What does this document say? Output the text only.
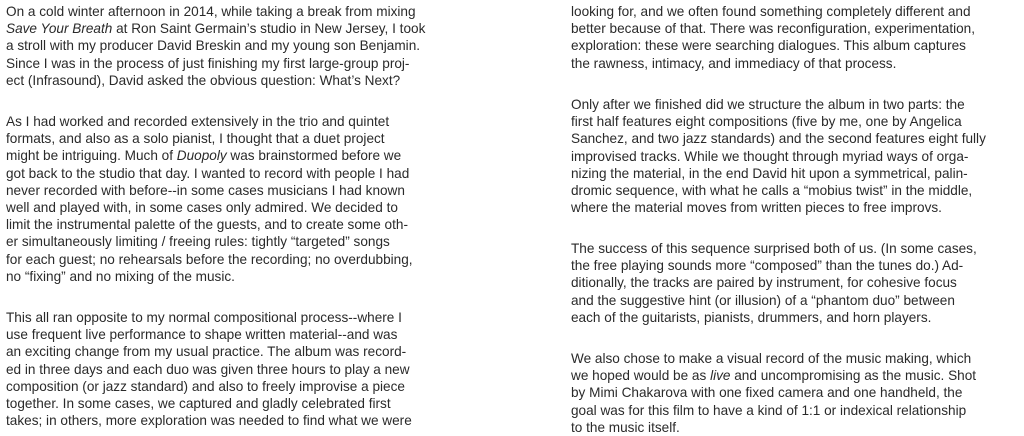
On a cold winter afternoon in 2014, while taking a break from mixing
Save Your Breath at Ron Saint Germain’s studio in New Jersey, I took
a stroll with my producer David Breskin and my young son Benjamin.
Since I was in the process of just finishing my first large-group proj-
ect (Infrasound), David asked the obvious question: What’s Next?

As I had worked and recorded extensively in the trio and quintet
formats, and also as a solo pianist, I thought that a duet project
might be intriguing. Much of Duopoly was brainstormed before we
got back to the studio that day. I wanted to record with people I had
never recorded with before--in some cases musicians I had known
well and played with, in some cases only admired. We decided to
limit the instrumental palette of the guests, and to create some oth-
er simultaneously limiting / freeing rules: tightly “targeted” songs
for each guest; no rehearsals before the recording; no overdubbing,
no “fixing” and no mixing of the music.

This all ran opposite to my normal compositional process--where I
use frequent live performance to shape written material--and was
an exciting change from my usual practice. The album was record-
ed in three days and each duo was given three hours to play a new
composition (or jazz standard) and also to freely improvise a piece
together. In some cases, we captured and gladly celebrated first
takes; in others, more exploration was needed to find what we were

looking for, and we often found something completely different and
better because of that. There was reconfiguration, experimentation,
exploration: these were searching dialogues. This album captures
the rawness, intimacy, and immediacy of that process.

Only after we finished did we structure the album in two parts: the
first half features eight compositions (five by me, one by Angelica
Sanchez, and two jazz standards) and the second features eight fully
improvised tracks. While we thought through myriad ways of orga-
nizing the material, in the end David hit upon a symmetrical, palin-
dromic sequence, with what he calls a “mobius twist” in the middle,
where the material moves from written pieces to free improvs.

The success of this sequence surprised both of us. (In some cases,
the free playing sounds more “composed” than the tunes do.) Ad-
ditionally, the tracks are paired by instrument, for cohesive focus
and the suggestive hint (or illusion) of a “phantom duo” between
each of the guitarists, pianists, drummers, and horn players.

We also chose to make a visual record of the music making, which
we hoped would be as live and uncompromising as the music. Shot
by Mimi Chakarova with one fixed camera and one handheld, the
goal was for this film to have a kind of 1:1 or indexical relationship
to the music itself.
